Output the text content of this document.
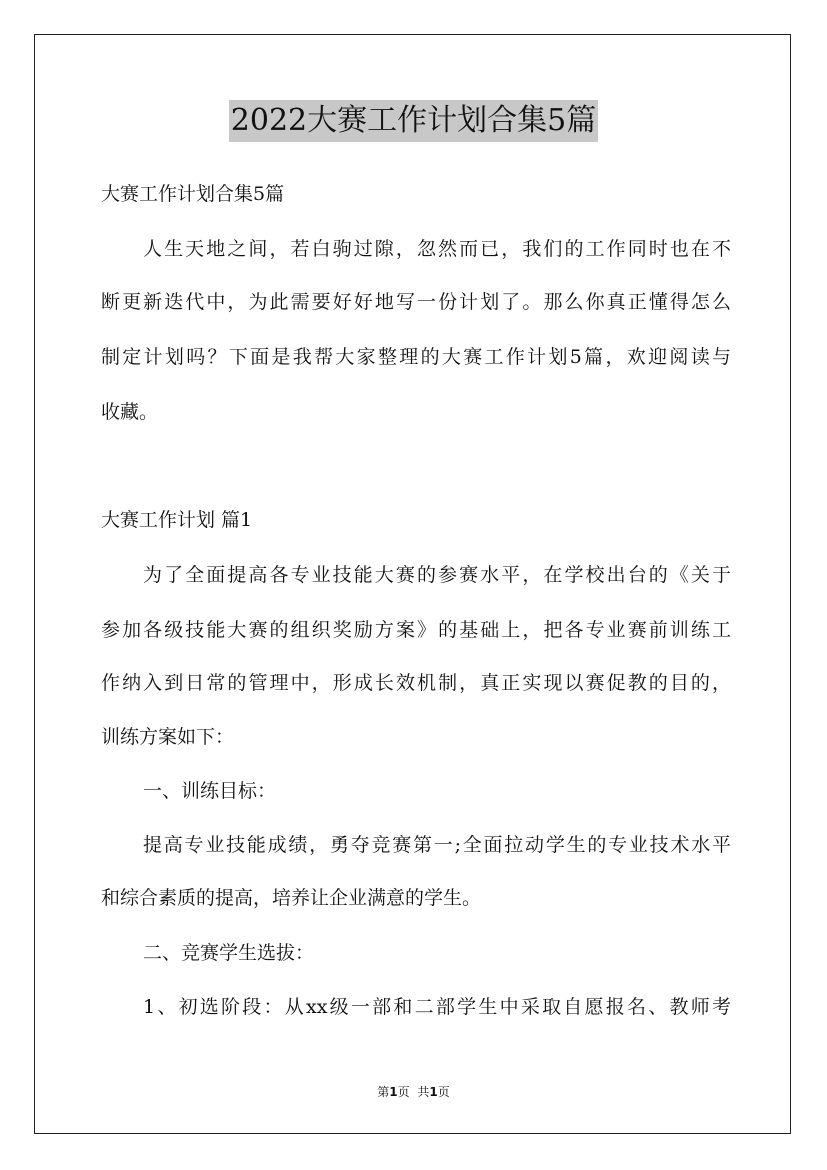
2022大赛工作计划合集5篇
大赛工作计划合集5篇
人生天地之间，若白驹过隙，忽然而已，我们的工作同时也在不
断更新迭代中，为此需要好好地写一份计划了。那么你真正懂得怎么
制定计划吗？下面是我帮大家整理的大赛工作计划5篇，欢迎阅读与
收藏。
大赛工作计划 篇1
为了全面提高各专业技能大赛的参赛水平，在学校出台的《关于
参加各级技能大赛的组织奖励方案》的基础上，把各专业赛前训练工
作纳入到日常的管理中，形成长效机制，真正实现以赛促教的目的，
训练方案如下：
一、训练目标：
提高专业技能成绩，勇夺竞赛第一;全面拉动学生的专业技术水平
和综合素质的提高，培养让企业满意的学生。
二、竞赛学生选拔：
1、初选阶段：从xx级一部和二部学生中采取自愿报名、教师考
第1页 共1页
